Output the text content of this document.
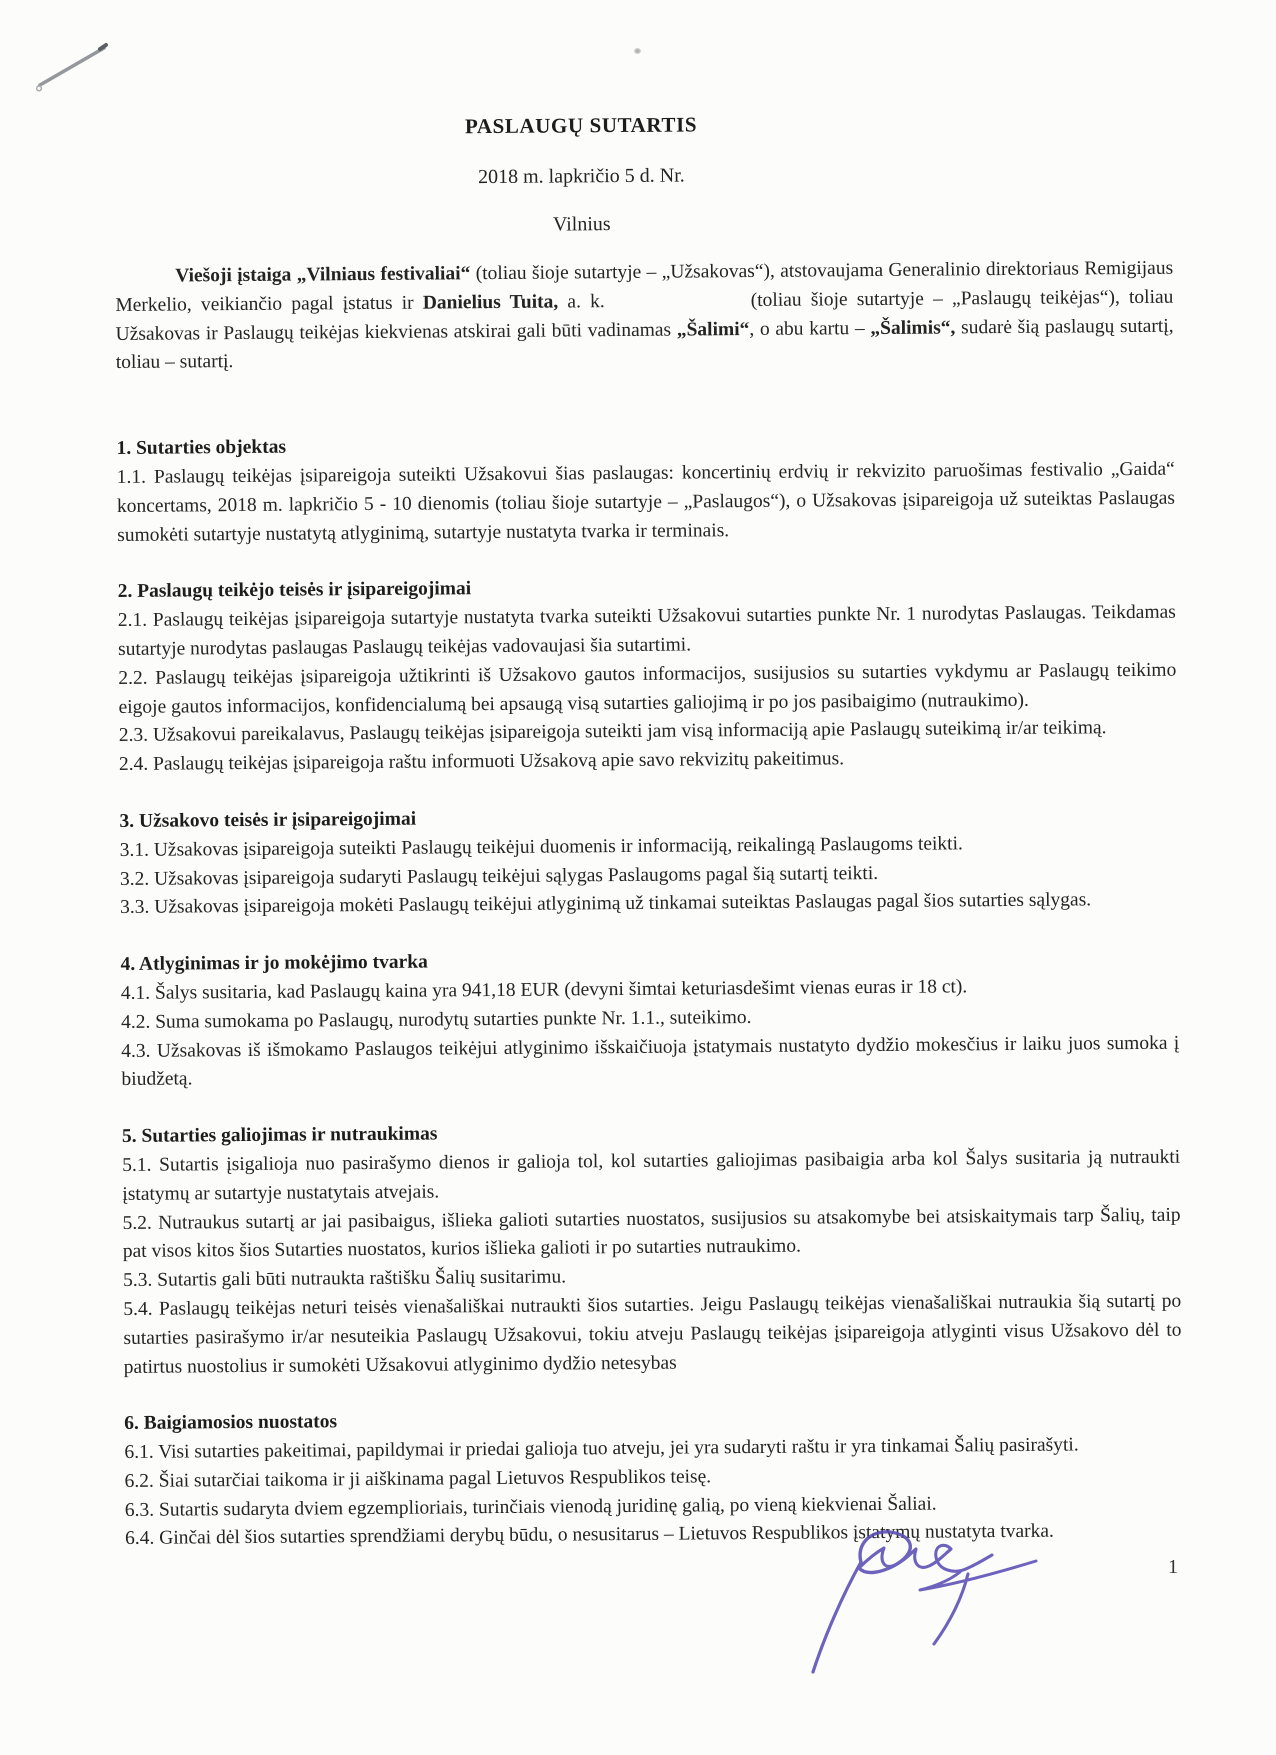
PASLAUGŲ SUTARTIS

2018 m. lapkričio 5 d. Nr.

Vilnius

Viešoji įstaiga „Vilniaus festivaliai“ (toliau šioje sutartyje – „Užsakovas“), atstovaujama Generalinio direktoriaus Remigijaus Merkelio, veikiančio pagal įstatus ir Danielius Tuita, a. k.	(toliau šioje sutartyje – „Paslaugų teikėjas“), toliau Užsakovas ir Paslaugų teikėjas kiekvienas atskirai gali būti vadinamas „Šalimi“, o abu kartu – „Šalimis“, sudarė šią paslaugų sutartį, toliau – sutartį.

1. Sutarties objektas

1.1. Paslaugų teikėjas įsipareigoja suteikti Užsakovui šias paslaugas: koncertinių erdvių ir rekvizito paruošimas festivalio „Gaida“ koncertams, 2018 m. lapkričio 5 - 10 dienomis (toliau šioje sutartyje – „Paslaugos“), o Užsakovas įsipareigoja už suteiktas Paslaugas sumokėti sutartyje nustatytą atlyginimą, sutartyje nustatyta tvarka ir terminais.

2. Paslaugų teikėjo teisės ir įsipareigojimai

2.1. Paslaugų teikėjas įsipareigoja sutartyje nustatyta tvarka suteikti Užsakovui sutarties punkte Nr. 1 nurodytas Paslaugas. Teikdamas sutartyje nurodytas paslaugas Paslaugų teikėjas vadovaujasi šia sutartimi.

2.2. Paslaugų teikėjas įsipareigoja užtikrinti iš Užsakovo gautos informacijos, susijusios su sutarties vykdymu ar Paslaugų teikimo eigoje gautos informacijos, konfidencialumą bei apsaugą visą sutarties galiojimą ir po jos pasibaigimo (nutraukimo).

2.3. Užsakovui pareikalavus, Paslaugų teikėjas įsipareigoja suteikti jam visą informaciją apie Paslaugų suteikimą ir/ar teikimą.

2.4. Paslaugų teikėjas įsipareigoja raštu informuoti Užsakovą apie savo rekvizitų pakeitimus.

3. Užsakovo teisės ir įsipareigojimai

3.1. Užsakovas įsipareigoja suteikti Paslaugų teikėjui duomenis ir informaciją, reikalingą Paslaugoms teikti.

3.2. Užsakovas įsipareigoja sudaryti Paslaugų teikėjui sąlygas Paslaugoms pagal šią sutartį teikti.

3.3. Užsakovas įsipareigoja mokėti Paslaugų teikėjui atlyginimą už tinkamai suteiktas Paslaugas pagal šios sutarties sąlygas.

4. Atlyginimas ir jo mokėjimo tvarka

4.1. Šalys susitaria, kad Paslaugų kaina yra 941,18 EUR (devyni šimtai keturiasdešimt vienas euras ir 18 ct).

4.2. Suma sumokama po Paslaugų, nurodytų sutarties punkte Nr. 1.1., suteikimo.

4.3. Užsakovas iš išmokamo Paslaugos teikėjui atlyginimo išskaičiuoja įstatymais nustatyto dydžio mokesčius ir laiku juos sumoka į biudžetą.

5. Sutarties galiojimas ir nutraukimas

5.1. Sutartis įsigalioja nuo pasirašymo dienos ir galioja tol, kol sutarties galiojimas pasibaigia arba kol Šalys susitaria ją nutraukti įstatymų ar sutartyje nustatytais atvejais.

5.2. Nutraukus sutartį ar jai pasibaigus, išlieka galioti sutarties nuostatos, susijusios su atsakomybe bei atsiskaitymais tarp Šalių, taip pat visos kitos šios Sutarties nuostatos, kurios išlieka galioti ir po sutarties nutraukimo.

5.3. Sutartis gali būti nutraukta raštišku Šalių susitarimu.

5.4. Paslaugų teikėjas neturi teisės vienašališkai nutraukti šios sutarties. Jeigu Paslaugų teikėjas vienašališkai nutraukia šią sutartį po sutarties pasirašymo ir/ar nesuteikia Paslaugų Užsakovui, tokiu atveju Paslaugų teikėjas įsipareigoja atlyginti visus Užsakovo dėl to patirtus nuostolius ir sumokėti Užsakovui atlyginimo dydžio netesybas

6. Baigiamosios nuostatos

6.1. Visi sutarties pakeitimai, papildymai ir priedai galioja tuo atveju, jei yra sudaryti raštu ir yra tinkamai Šalių pasirašyti.

6.2. Šiai sutarčiai taikoma ir ji aiškinama pagal Lietuvos Respublikos teisę.

6.3. Sutartis sudaryta dviem egzemplioriais, turinčiais vienodą juridinę galią, po vieną kiekvienai Šaliai.

6.4. Ginčai dėl šios sutarties sprendžiami derybų būdu, o nesusitarus – Lietuvos Respublikos įstatymų nustatyta tvarka.

1
